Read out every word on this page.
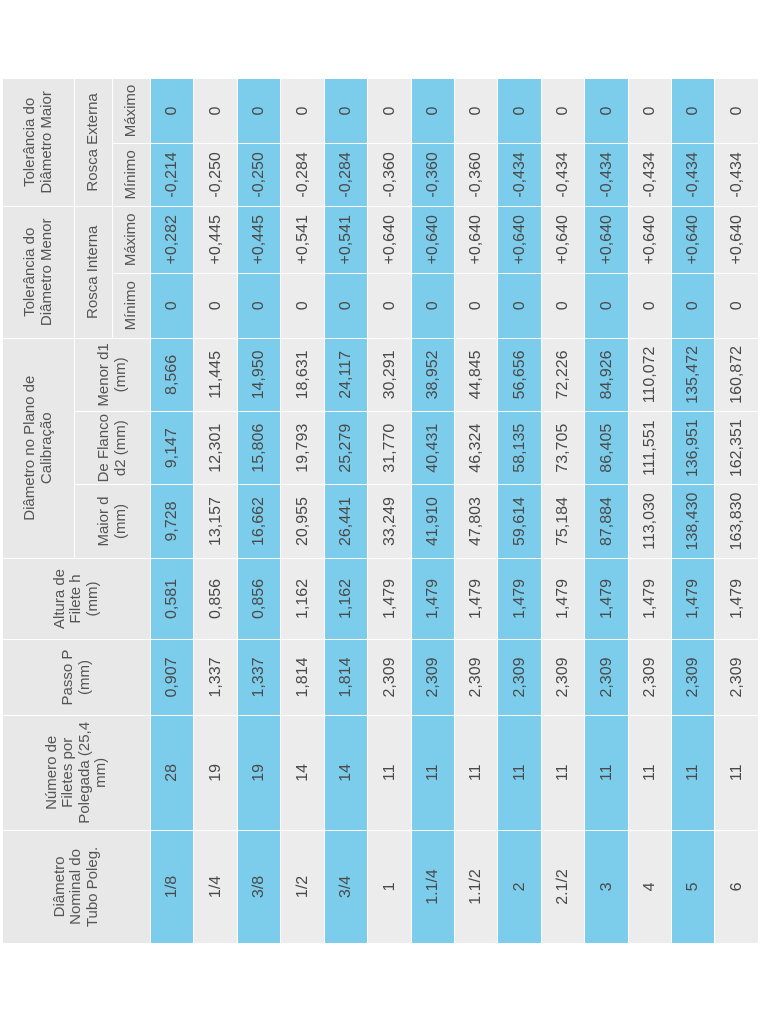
Diâmetro Nominal do Tubo Poleg.	Número de Filetes por Polegada (25,4 mm)	Passo P (mm)	Altura de Filete h (mm)	Diâmetro no Plano de Calibração			Tolerância do Diâmetro Menor		Tolerância do Diâmetro Maior	
				Maior d (mm)	De Flanco d2 (mm)	Menor d1 (mm)	Rosca Interna		Rosca Externa	
							Mínimo	Máximo	Mínimo	Máximo
1/8	28	0,907	0,581	9,728	9,147	8,566	0	+0,282	-0,214	0
1/4	19	1,337	0,856	13,157	12,301	11,445	0	+0,445	-0,250	0
3/8	19	1,337	0,856	16,662	15,806	14,950	0	+0,445	-0,250	0
1/2	14	1,814	1,162	20,955	19,793	18,631	0	+0,541	-0,284	0
3/4	14	1,814	1,162	26,441	25,279	24,117	0	+0,541	-0,284	0
1	11	2,309	1,479	33,249	31,770	30,291	0	+0,640	-0,360	0
1.1/4	11	2,309	1,479	41,910	40,431	38,952	0	+0,640	-0,360	0
1.1/2	11	2,309	1,479	47,803	46,324	44,845	0	+0,640	-0,360	0
2	11	2,309	1,479	59,614	58,135	56,656	0	+0,640	-0,434	0
2.1/2	11	2,309	1,479	75,184	73,705	72,226	0	+0,640	-0,434	0
3	11	2,309	1,479	87,884	86,405	84,926	0	+0,640	-0,434	0
4	11	2,309	1,479	113,030	111,551	110,072	0	+0,640	-0,434	0
5	11	2,309	1,479	138,430	136,951	135,472	0	+0,640	-0,434	0
6	11	2,309	1,479	163,830	162,351	160,872	0	+0,640	-0,434	0
